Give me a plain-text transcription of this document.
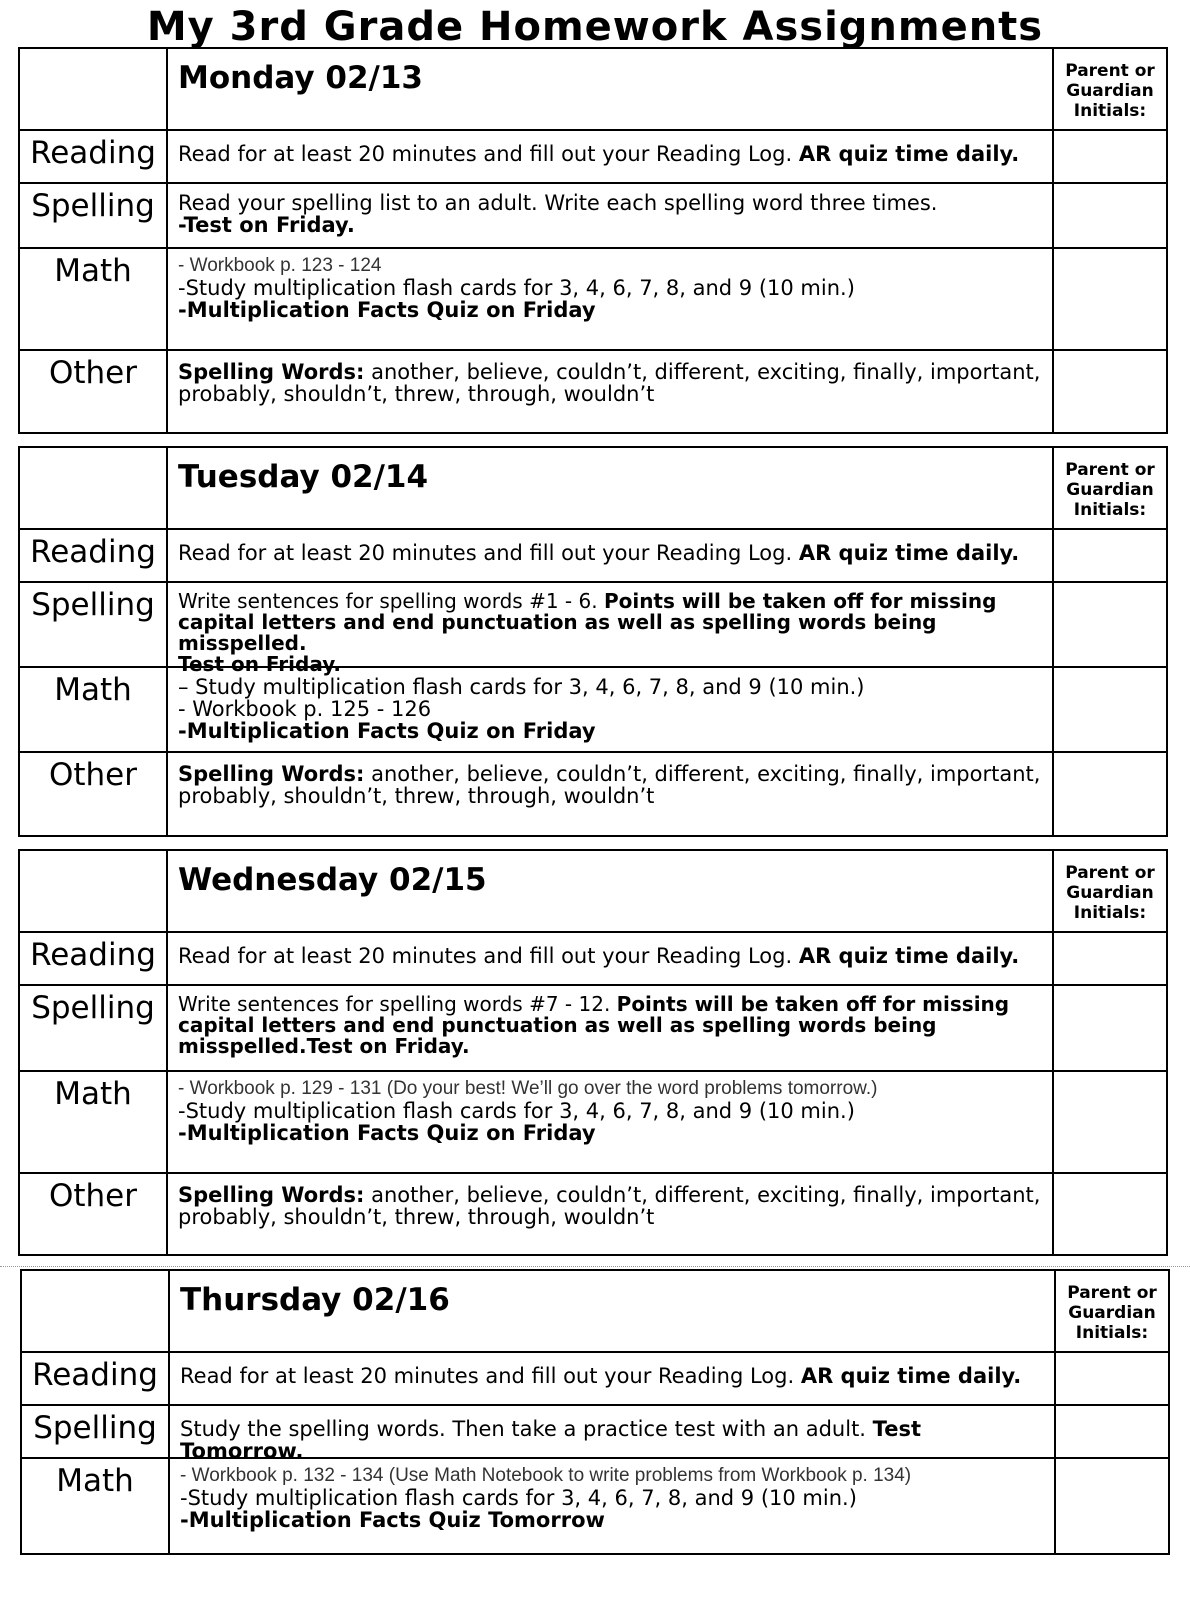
My 3rd Grade Homework Assignments
Monday 02/13	Parent or
Guardian
Initials:
Reading	Read for at least 20 minutes and fill out your Reading Log. AR quiz time daily.
Spelling	Read your spelling list to an adult. Write each spelling word three times.
-Test on Friday.
Math	- Workbook p. 123 - 124
-Study multiplication flash cards for 3, 4, 6, 7, 8, and 9 (10 min.)
-Multiplication Facts Quiz on Friday
Other	Spelling Words: another, believe, couldn’t, different, exciting, finally, important,
probably, shouldn’t, threw, through, wouldn’t
Tuesday 02/14	Parent or
Guardian
Initials:
Reading	Read for at least 20 minutes and fill out your Reading Log. AR quiz time daily.
Spelling	Write sentences for spelling words #1 - 6. Points will be taken off for missing
capital letters and end punctuation as well as spelling words being misspelled.
Test on Friday.
Math	– Study multiplication flash cards for 3, 4, 6, 7, 8, and 9 (10 min.)
- Workbook p. 125 - 126
-Multiplication Facts Quiz on Friday
Other	Spelling Words: another, believe, couldn’t, different, exciting, finally, important,
probably, shouldn’t, threw, through, wouldn’t
Wednesday 02/15	Parent or
Guardian
Initials:
Reading	Read for at least 20 minutes and fill out your Reading Log. AR quiz time daily.
Spelling	Write sentences for spelling words #7 - 12. Points will be taken off for missing
capital letters and end punctuation as well as spelling words being
misspelled.Test on Friday.
Math	- Workbook p. 129 - 131 (Do your best! We’ll go over the word problems tomorrow.)
-Study multiplication flash cards for 3, 4, 6, 7, 8, and 9 (10 min.)
-Multiplication Facts Quiz on Friday
Other	Spelling Words: another, believe, couldn’t, different, exciting, finally, important,
probably, shouldn’t, threw, through, wouldn’t
Thursday 02/16	Parent or
Guardian
Initials:
Reading	Read for at least 20 minutes and fill out your Reading Log. AR quiz time daily.
Spelling	Study the spelling words. Then take a practice test with an adult. Test Tomorrow.
Math	- Workbook p. 132 - 134 (Use Math Notebook to write problems from Workbook p. 134)
-Study multiplication flash cards for 3, 4, 6, 7, 8, and 9 (10 min.)
-Multiplication Facts Quiz Tomorrow
